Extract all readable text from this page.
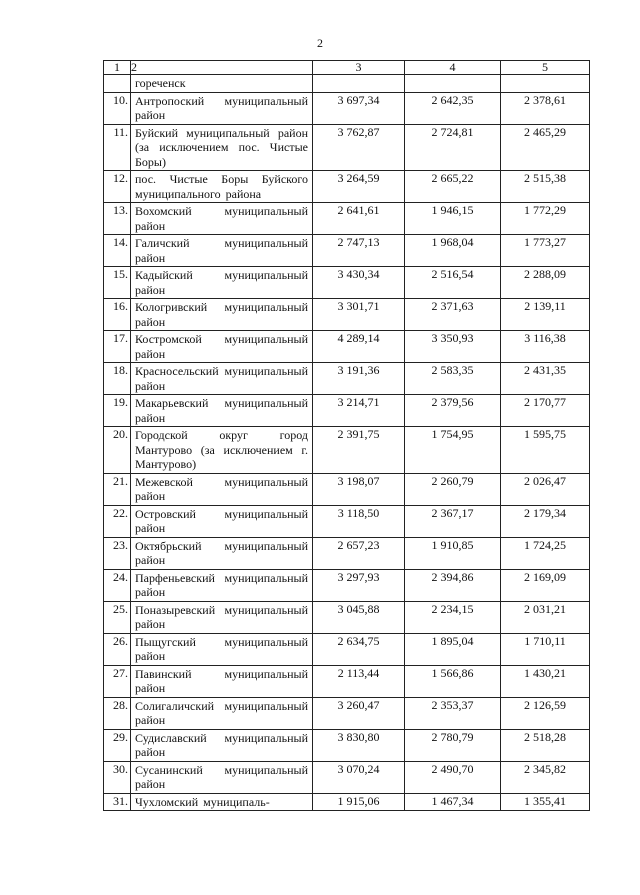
2
1	2	3	4	5

	гореченск			

10.	Антропоский муниципальный район	3 697,34	2 642,35	2 378,61
11.	Буйский муниципальный район (за исключением пос. Чистые Боры)	3 762,87	2 724,81	2 465,29
12.	пос. Чистые Боры Буйского муниципального района	3 264,59	2 665,22	2 515,38
13.	Вохомский муниципальный район	2 641,61	1 946,15	1 772,29
14.	Галичский муниципальный район	2 747,13	1 968,04	1 773,27
15.	Кадыйский муниципальный район	3 430,34	2 516,54	2 288,09
16.	Кологривский муниципальный район	3 301,71	2 371,63	2 139,11
17.	Костромской муниципальный район	4 289,14	3 350,93	3 116,38
18.	Красносельский муниципальный район	3 191,36	2 583,35	2 431,35
19.	Макарьевский муниципальный район	3 214,71	2 379,56	2 170,77
20.	Городской округ город Мантурово (за исключением г. Мантурово)	2 391,75	1 754,95	1 595,75
21.	Межевской муниципальный район	3 198,07	2 260,79	2 026,47
22.	Островский муниципальный район	3 118,50	2 367,17	2 179,34
23.	Октябрьский муниципальный район	2 657,23	1 910,85	1 724,25
24.	Парфеньевский муниципальный район	3 297,93	2 394,86	2 169,09
25.	Поназыревский муниципальный район	3 045,88	2 234,15	2 031,21
26.	Пыщугский муниципальный район	2 634,75	1 895,04	1 710,11
27.	Павинский муниципальный район	2 113,44	1 566,86	1 430,21
28.	Солигаличский муниципальный район	3 260,47	2 353,37	2 126,59
29.	Судиславский муниципальный район	3 830,80	2 780,79	2 518,28
30.	Сусанинский муниципальный район	3 070,24	2 490,70	2 345,82
31.	Чухломский муниципаль-	1 915,06	1 467,34	1 355,41
